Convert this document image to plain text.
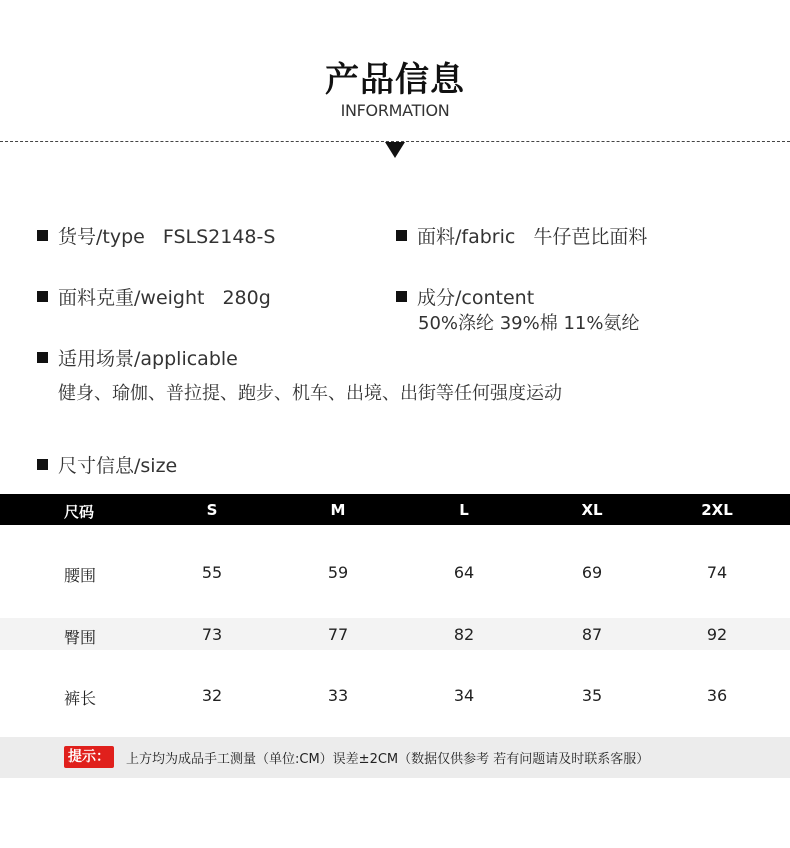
产品信息
INFORMATION
货号/type FSLS2148-S	面料/fabric 牛仔芭比面料
面料克重/weight 280g	成分/content
50%涤纶 39%棉 11%氨纶
适用场景/applicable
健身、瑜伽、普拉提、跑步、机车、出境、出街等任何强度运动
尺寸信息/size
尺码	S	M	L	XL	2XL
腰围	55	59	64	69	74
臀围	73	77	82	87	92
裤长	32	33	34	35	36
提示：	上方均为成品手工测量（单位:CM）误差±2CM（数据仅供参考 若有问题请及时联系客服）
